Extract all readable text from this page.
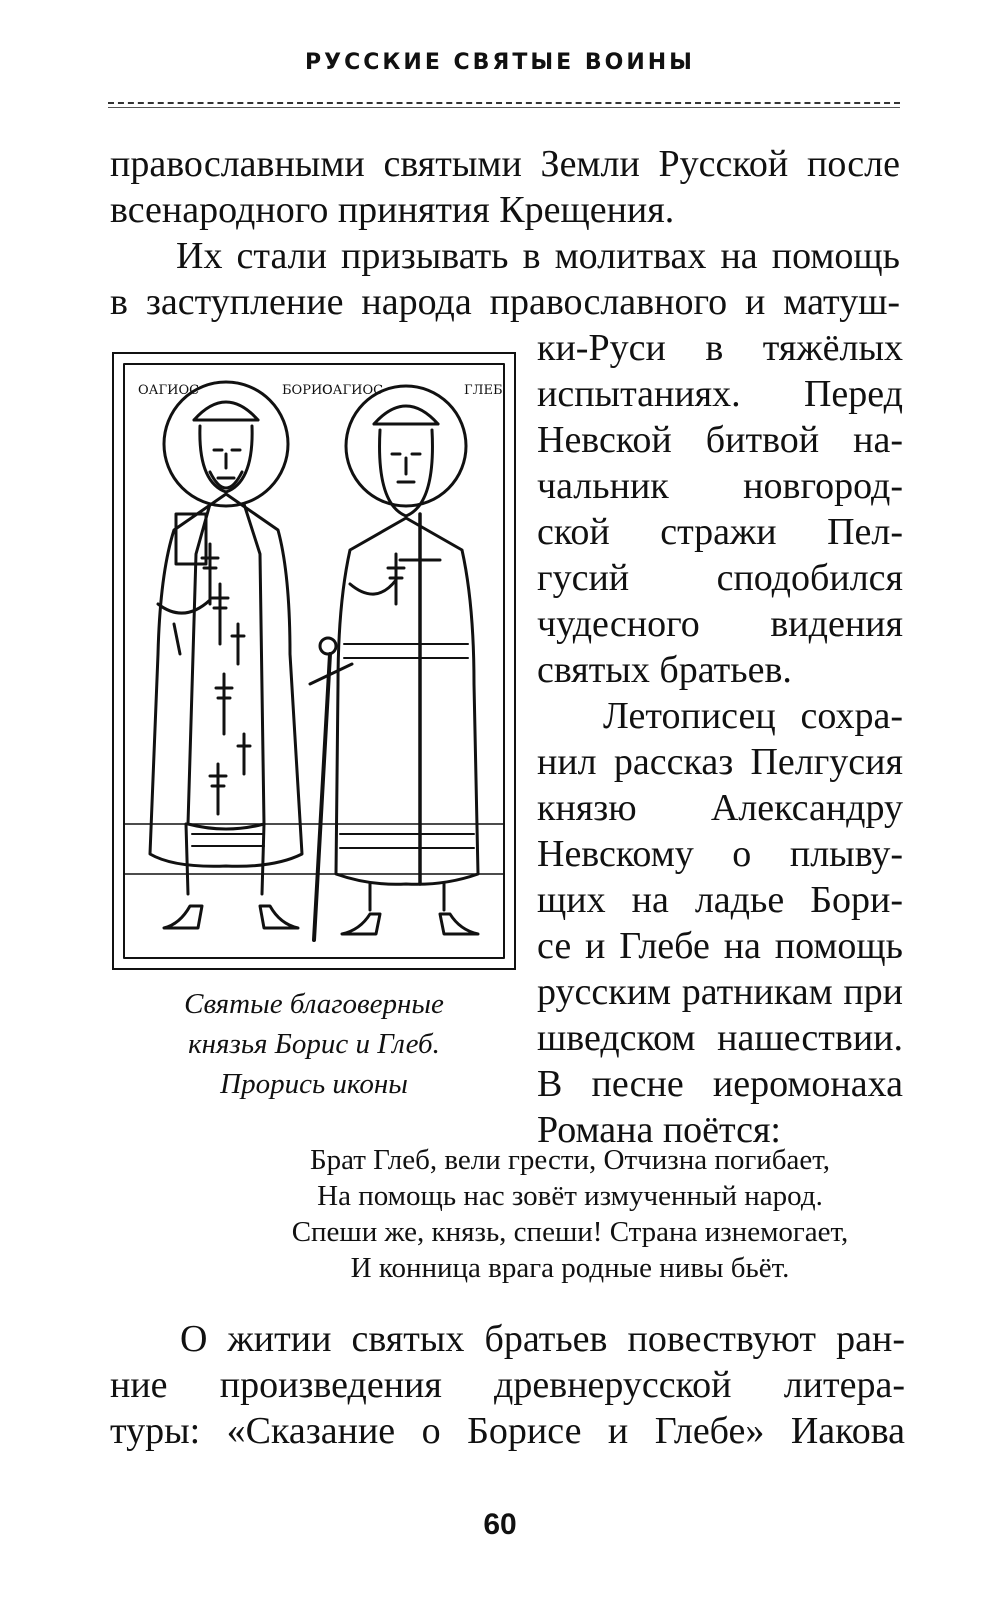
РУССКИЕ СВЯТЫЕ ВОИНЫ

православными святыми Земли Русской после
всенародного принятия Крещения.

Их стали призывать в молитвах на помощь
в заступление народа православного и матуш-

ки-Руси в тяжёлых
испытаниях. Перед
Невской битвой на-
чальник новгород-
ской стражи Пел-
гусий сподобился
чудесного видения
святых братьев.
Летописец сохра-
нил рассказ Пелгусия
князю Александру
Невскому о плыву-
щих на ладье Бори-
се и Глебе на помощь
русским ратникам при
шведском нашествии.
В песне иеромонаха
Романа поётся:

ОАГИОС	БОРИС
ОАГИОС	ГЛЕБ
Святые благоверные
князья Борис и Глеб.
Прорись иконы
Брат Глеб, вели грести, Отчизна погибает,
На помощь нас зовёт измученный народ.
Спеши же, князь, спеши! Страна изнемогает,
И конница врага родные нивы бьёт.

О житии святых братьев повествуют ран-
ние произведения древнерусской литера-
туры: «Сказание о Борисе и Глебе» Иакова

60
